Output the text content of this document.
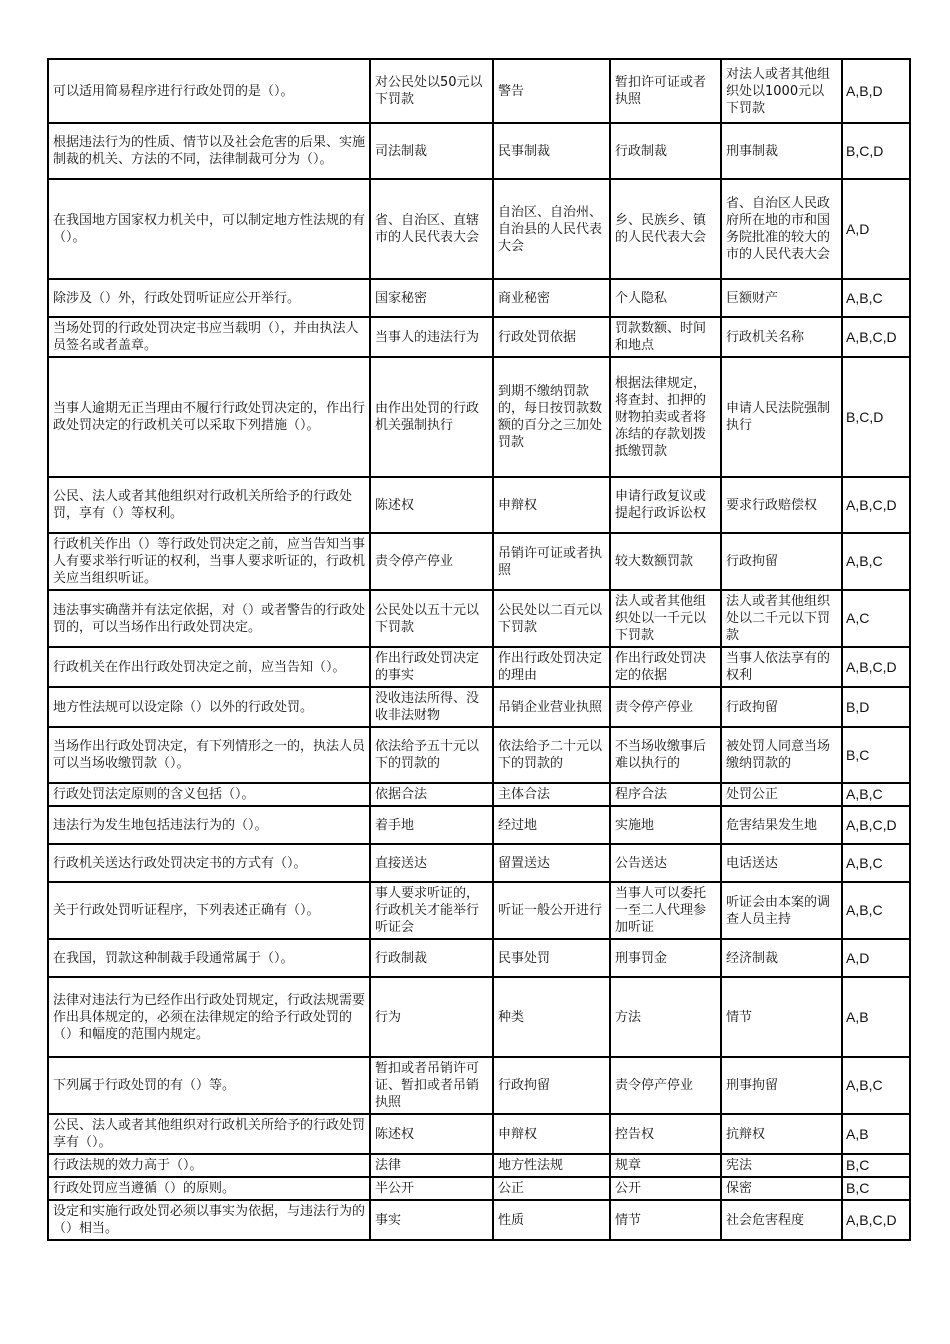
可以适用简易程序进行行政处罚的是（）。	对公民处以50元以下罚款	警告	暂扣许可证或者执照	对法人或者其他组织处以1000元以下罚款	A,B,D
根据违法行为的性质、情节以及社会危害的后果、实施制裁的机关、方法的不同，法律制裁可分为（）。	司法制裁	民事制裁	行政制裁	刑事制裁	B,C,D
在我国地方国家权力机关中，可以制定地方性法规的有（）。	省、自治区、直辖市的人民代表大会	自治区、自治州、自治县的人民代表大会	乡、民族乡、镇的人民代表大会	省、自治区人民政府所在地的市和国务院批准的较大的市的人民代表大会	A,D
除涉及（）外，行政处罚听证应公开举行。	国家秘密	商业秘密	个人隐私	巨额财产	A,B,C
当场处罚的行政处罚决定书应当载明（），并由执法人员签名或者盖章。	当事人的违法行为	行政处罚依据	罚款数额、时间和地点	行政机关名称	A,B,C,D
当事人逾期无正当理由不履行行政处罚决定的，作出行政处罚决定的行政机关可以采取下列措施（）。	由作出处罚的行政机关强制执行	到期不缴纳罚款的，每日按罚款数额的百分之三加处罚款	根据法律规定，将查封、扣押的财物拍卖或者将冻结的存款划拨抵缴罚款	申请人民法院强制执行	B,C,D
公民、法人或者其他组织对行政机关所给予的行政处罚，享有（）等权利。	陈述权	申辩权	申请行政复议或提起行政诉讼权	要求行政赔偿权	A,B,C,D
行政机关作出（）等行政处罚决定之前，应当告知当事人有要求举行听证的权利，当事人要求听证的，行政机关应当组织听证。	责令停产停业	吊销许可证或者执照	较大数额罚款	行政拘留	A,B,C
违法事实确凿并有法定依据，对（）或者警告的行政处罚的，可以当场作出行政处罚决定。	公民处以五十元以下罚款	公民处以二百元以下罚款	法人或者其他组织处以一千元以下罚款	法人或者其他组织处以二千元以下罚款	A,C
行政机关在作出行政处罚决定之前，应当告知（）。	作出行政处罚决定的事实	作出行政处罚决定的理由	作出行政处罚决定的依据	当事人依法享有的权利	A,B,C,D
地方性法规可以设定除（）以外的行政处罚。	没收违法所得、没收非法财物	吊销企业营业执照	责令停产停业	行政拘留	B,D
当场作出行政处罚决定，有下列情形之一的，执法人员可以当场收缴罚款（）。	依法给予五十元以下的罚款的	依法给予二十元以下的罚款的	不当场收缴事后难以执行的	被处罚人同意当场缴纳罚款的	B,C
行政处罚法定原则的含义包括（）。	依据合法	主体合法	程序合法	处罚公正	A,B,C
违法行为发生地包括违法行为的（）。	着手地	经过地	实施地	危害结果发生地	A,B,C,D
行政机关送达行政处罚决定书的方式有（）。	直接送达	留置送达	公告送达	电话送达	A,B,C
关于行政处罚听证程序，下列表述正确有（）。	事人要求听证的，行政机关才能举行听证会	听证一般公开进行	当事人可以委托一至二人代理参加听证	听证会由本案的调查人员主持	A,B,C
在我国，罚款这种制裁手段通常属于（）。	行政制裁	民事处罚	刑事罚金	经济制裁	A,D
法律对违法行为已经作出行政处罚规定，行政法规需要作出具体规定的，必须在法律规定的给予行政处罚的（）和幅度的范围内规定。	行为	种类	方法	情节	A,B
下列属于行政处罚的有（）等。	暂扣或者吊销许可证、暂扣或者吊销执照	行政拘留	责令停产停业	刑事拘留	A,B,C
公民、法人或者其他组织对行政机关所给予的行政处罚享有（）。	陈述权	申辩权	控告权	抗辩权	A,B
行政法规的效力高于（）。	法律	地方性法规	规章	宪法	B,C
行政处罚应当遵循（）的原则。	半公开	公正	公开	保密	B,C
设定和实施行政处罚必须以事实为依据，与违法行为的（）相当。	事实	性质	情节	社会危害程度	A,B,C,D
